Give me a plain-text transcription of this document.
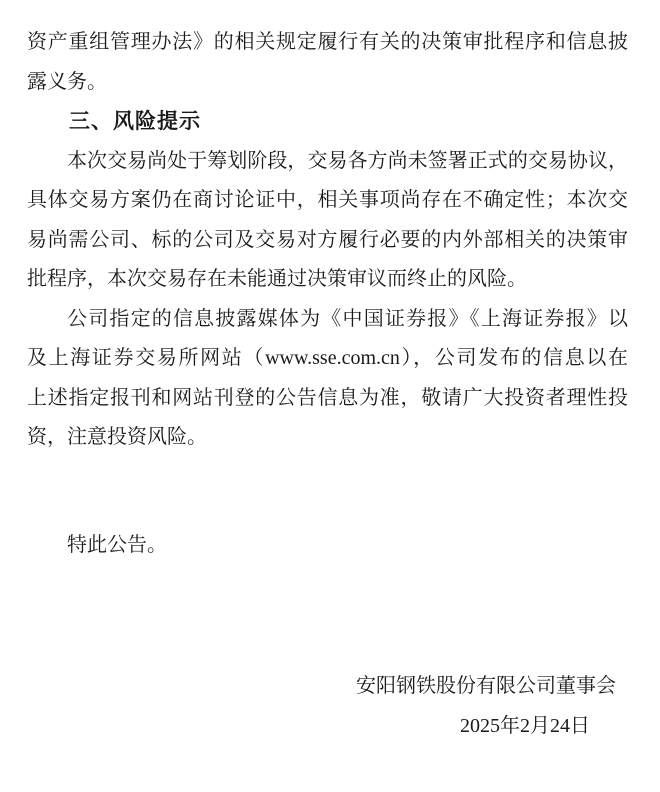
资产重组管理办法》的相关规定履行有关的决策审批程序和信息披
露义务。
三、风险提示
本次交易尚处于筹划阶段，交易各方尚未签署正式的交易协议，
具体交易方案仍在商讨论证中，相关事项尚存在不确定性；本次交
易尚需公司、标的公司及交易对方履行必要的内外部相关的决策审
批程序，本次交易存在未能通过决策审议而终止的风险。
公司指定的信息披露媒体为《中国证券报》《上海证券报》以
及上海证券交易所网站（www.sse.com.cn），公司发布的信息以在
上述指定报刊和网站刊登的公告信息为准，敬请广大投资者理性投
资，注意投资风险。
特此公告。
安阳钢铁股份有限公司董事会
2025年2月24日
